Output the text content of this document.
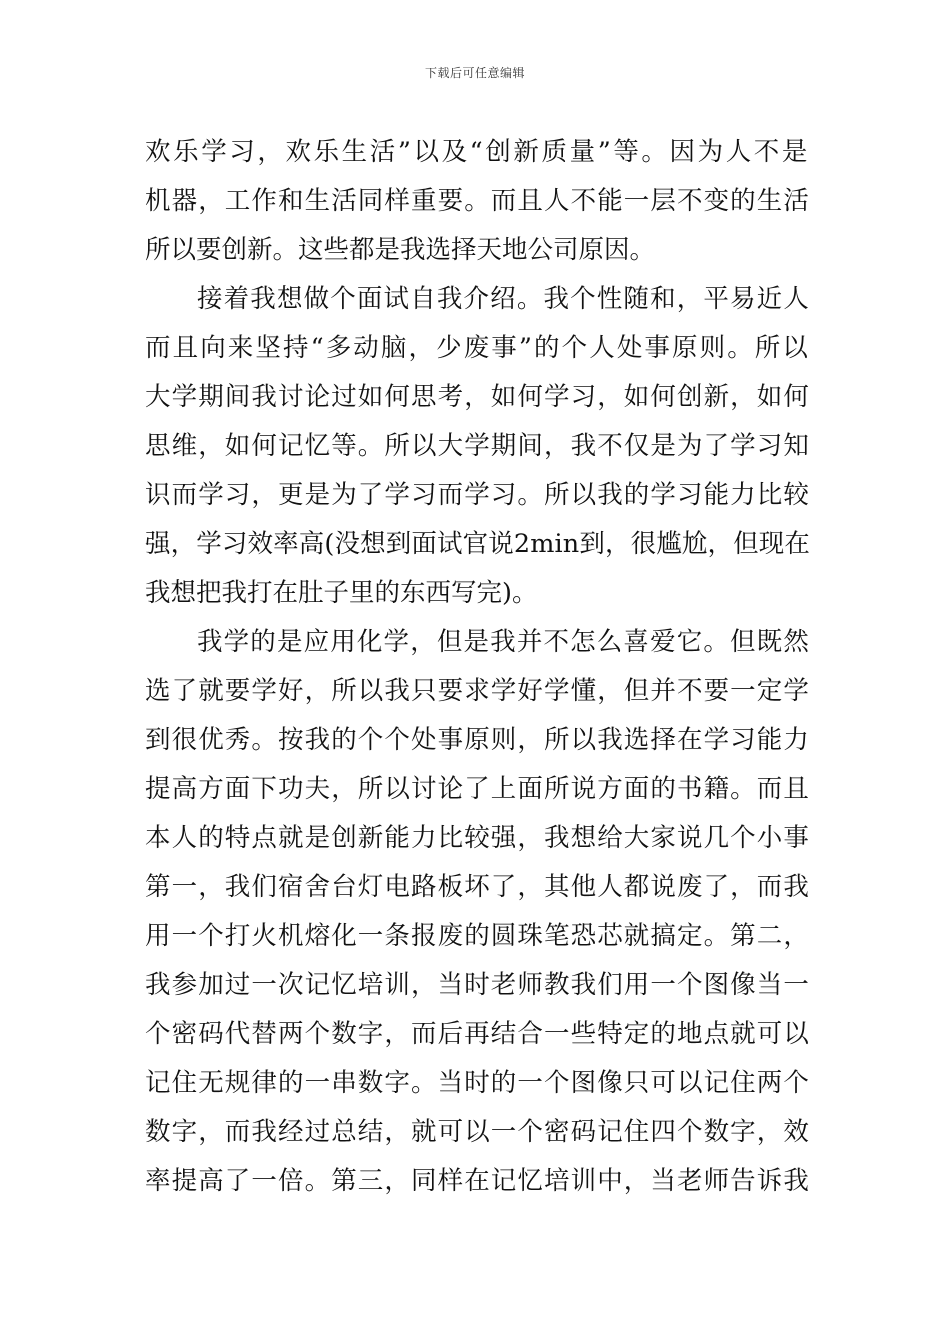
下载后可任意编辑
欢乐学习，欢乐生活”以及“创新质量”等。因为人不是
机器，工作和生活同样重要。而且人不能一层不变的生活
所以要创新。这些都是我选择天地公司原因。
接着我想做个面试自我介绍。我个性随和，平易近人
而且向来坚持“多动脑，少废事”的个人处事原则。所以
大学期间我讨论过如何思考，如何学习，如何创新，如何
思维，如何记忆等。所以大学期间，我不仅是为了学习知
识而学习，更是为了学习而学习。所以我的学习能力比较
强，学习效率高(没想到面试官说2min到，很尴尬，但现在
我想把我打在肚子里的东西写完)。
我学的是应用化学，但是我并不怎么喜爱它。但既然
选了就要学好，所以我只要求学好学懂，但并不要一定学
到很优秀。按我的个个处事原则，所以我选择在学习能力
提高方面下功夫，所以讨论了上面所说方面的书籍。而且
本人的特点就是创新能力比较强，我想给大家说几个小事
第一，我们宿舍台灯电路板坏了，其他人都说废了，而我
用一个打火机熔化一条报废的圆珠笔恐芯就搞定。第二，
我参加过一次记忆培训，当时老师教我们用一个图像当一
个密码代替两个数字，而后再结合一些特定的地点就可以
记住无规律的一串数字。当时的一个图像只可以记住两个
数字，而我经过总结，就可以一个密码记住四个数字，效
率提高了一倍。第三，同样在记忆培训中，当老师告诉我
